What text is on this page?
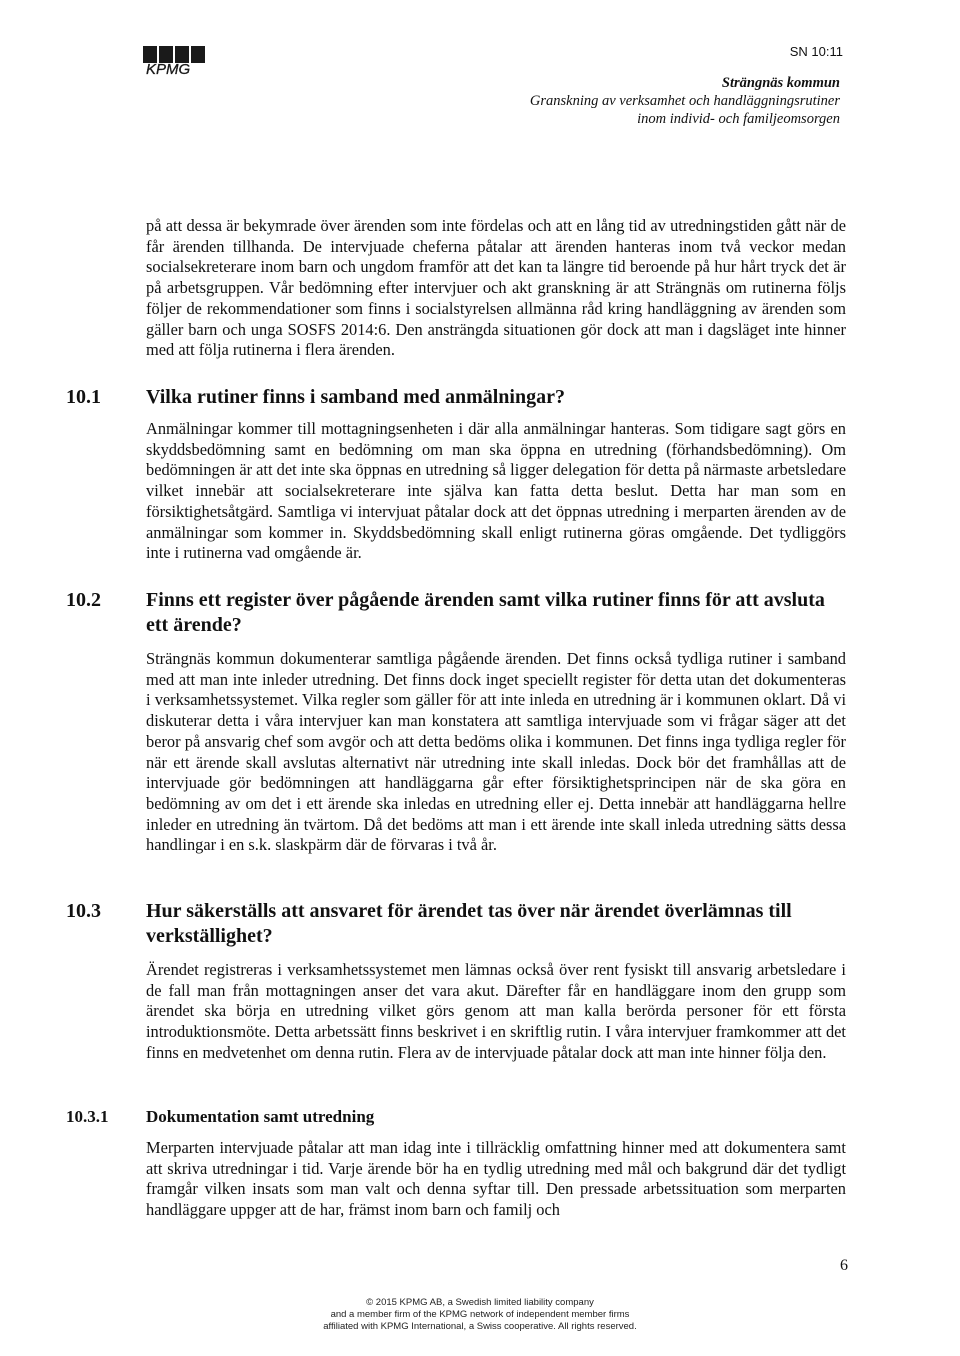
KPMG
SN 10:11
Strängnäs kommun
Granskning av verksamhet och handläggningsrutiner
inom individ- och familjeomsorgen

på att dessa är bekymrade över ärenden som inte fördelas och att en lång tid av utredningstiden gått när de får ärenden tillhanda. De intervjuade cheferna påtalar att ärenden hanteras inom två veckor medan socialsekreterare inom barn och ungdom framför att det kan ta längre tid beroende på hur hårt tryck det är på arbetsgruppen. Vår bedömning efter intervjuer och akt granskning är att Strängnäs om rutinerna följs följer de rekommendationer som finns i socialstyrelsen allmänna råd kring handläggning av ärenden som gäller barn och unga SOSFS 2014:6. Den ansträngda situationen gör dock att man i dagsläget inte hinner med att följa rutinerna i flera ärenden.

10.1 Vilka rutiner finns i samband med anmälningar?

Anmälningar kommer till mottagningsenheten i där alla anmälningar hanteras. Som tidigare sagt görs en skyddsbedömning samt en bedömning om man ska öppna en utredning (förhandsbedömning). Om bedömningen är att det inte ska öppnas en utredning så ligger delegation för detta på närmaste arbetsledare vilket innebär att socialsekreterare inte själva kan fatta detta beslut. Detta har man som en försiktighetsåtgärd. Samtliga vi intervjuat påtalar dock att det öppnas utredning i merparten ärenden av de anmälningar som kommer in. Skyddsbedömning skall enligt rutinerna göras omgående. Det tydliggörs inte i rutinerna vad omgående är.

10.2 Finns ett register över pågående ärenden samt vilka rutiner finns för att avsluta ett ärende?

Strängnäs kommun dokumenterar samtliga pågående ärenden. Det finns också tydliga rutiner i samband med att man inte inleder utredning. Det finns dock inget speciellt register för detta utan det dokumenteras i verksamhetssystemet. Vilka regler som gäller för att inte inleda en utredning är i kommunen oklart. Då vi diskuterar detta i våra intervjuer kan man konstatera att samtliga intervjuade som vi frågar säger att det beror på ansvarig chef som avgör och att detta bedöms olika i kommunen. Det finns inga tydliga regler för när ett ärende skall avslutas alternativt när utredning inte skall inledas. Dock bör det framhållas att de intervjuade gör bedömningen att handläggarna går efter försiktighetsprincipen när de ska göra en bedömning av om det i ett ärende ska inledas en utredning eller ej. Detta innebär att handläggarna hellre inleder en utredning än tvärtom. Då det bedöms att man i ett ärende inte skall inleda utredning sätts dessa handlingar i en s.k. slaskpärm där de förvaras i två år.

10.3 Hur säkerställs att ansvaret för ärendet tas över när ärendet överlämnas till verkställighet?

Ärendet registreras i verksamhetssystemet men lämnas också över rent fysiskt till ansvarig arbetsledare i de fall man från mottagningen anser det vara akut. Därefter får en handläggare inom den grupp som ärendet ska börja en utredning vilket görs genom att man kalla berörda personer för ett första introduktionsmöte. Detta arbetssätt finns beskrivet i en skriftlig rutin. I våra intervjuer framkommer att det finns en medvetenhet om denna rutin. Flera av de intervjuade påtalar dock att man inte hinner följa den.

10.3.1 Dokumentation samt utredning

Merparten intervjuade påtalar att man idag inte i tillräcklig omfattning hinner med att dokumentera samt att skriva utredningar i tid. Varje ärende bör ha en tydlig utredning med mål och bakgrund där det tydligt framgår vilken insats som man valt och denna syftar till. Den pressade arbetssituation som merparten handläggare uppger att de har, främst inom barn och familj och

6
© 2015 KPMG AB, a Swedish limited liability company
and a member firm of the KPMG network of independent member firms
affiliated with KPMG International, a Swiss cooperative. All rights reserved.
